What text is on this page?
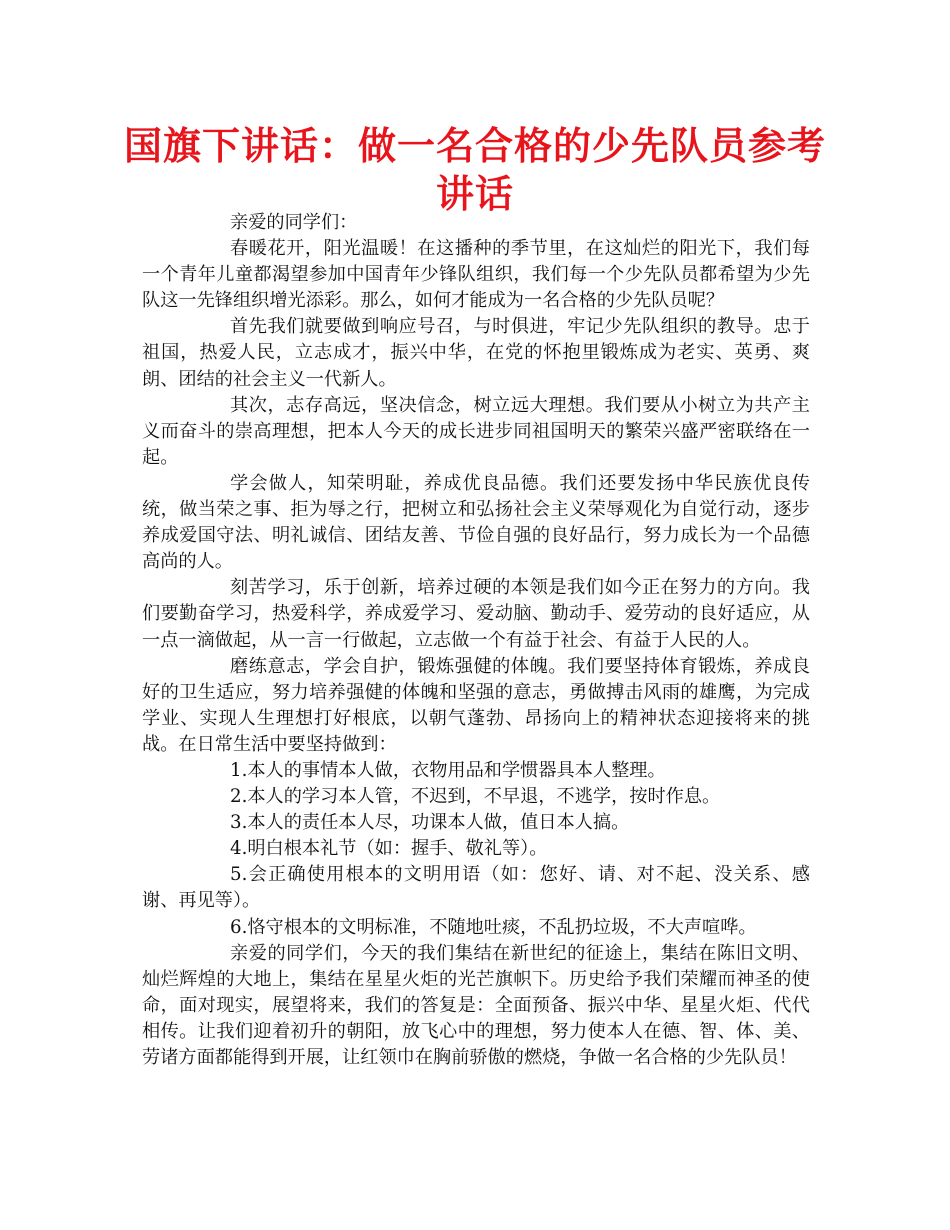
国旗下讲话：做一名合格的少先队员参考讲话

亲爱的同学们：

春暖花开，阳光温暖！在这播种的季节里，在这灿烂的阳光下，我们每一个青年儿童都渴望参加中国青年少锋队组织，我们每一个少先队员都希望为少先队这一先锋组织增光添彩。那么，如何才能成为一名合格的少先队员呢？

首先我们就要做到响应号召，与时俱进，牢记少先队组织的教导。忠于祖国，热爱人民，立志成才，振兴中华，在党的怀抱里锻炼成为老实、英勇、爽朗、团结的社会主义一代新人。

其次，志存高远，坚决信念，树立远大理想。我们要从小树立为共产主义而奋斗的崇高理想，把本人今天的成长进步同祖国明天的繁荣兴盛严密联络在一起。

学会做人，知荣明耻，养成优良品德。我们还要发扬中华民族优良传统，做当荣之事、拒为辱之行，把树立和弘扬社会主义荣辱观化为自觉行动，逐步养成爱国守法、明礼诚信、团结友善、节俭自强的良好品行，努力成长为一个品德高尚的人。

刻苦学习，乐于创新，培养过硬的本领是我们如今正在努力的方向。我们要勤奋学习，热爱科学，养成爱学习、爱动脑、勤动手、爱劳动的良好适应，从一点一滴做起，从一言一行做起，立志做一个有益于社会、有益于人民的人。

磨练意志，学会自护，锻炼强健的体魄。我们要坚持体育锻炼，养成良好的卫生适应，努力培养强健的体魄和坚强的意志，勇做搏击风雨的雄鹰，为完成学业、实现人生理想打好根底，以朝气蓬勃、昂扬向上的精神状态迎接将来的挑战。在日常生活中要坚持做到：

1.本人的事情本人做，衣物用品和学惯器具本人整理。

2.本人的学习本人管，不迟到，不早退，不逃学，按时作息。

3.本人的责任本人尽，功课本人做，值日本人搞。

4.明白根本礼节（如：握手、敬礼等）。

5.会正确使用根本的文明用语（如：您好、请、对不起、没关系、感谢、再见等）。

6.恪守根本的文明标准，不随地吐痰，不乱扔垃圾，不大声喧哗。

亲爱的同学们，今天的我们集结在新世纪的征途上，集结在陈旧文明、灿烂辉煌的大地上，集结在星星火炬的光芒旗帜下。历史给予我们荣耀而神圣的使命，面对现实，展望将来，我们的答复是：全面预备、振兴中华、星星火炬、代代相传。让我们迎着初升的朝阳，放飞心中的理想，努力使本人在德、智、体、美、劳诸方面都能得到开展，让红领巾在胸前骄傲的燃烧，争做一名合格的少先队员！
